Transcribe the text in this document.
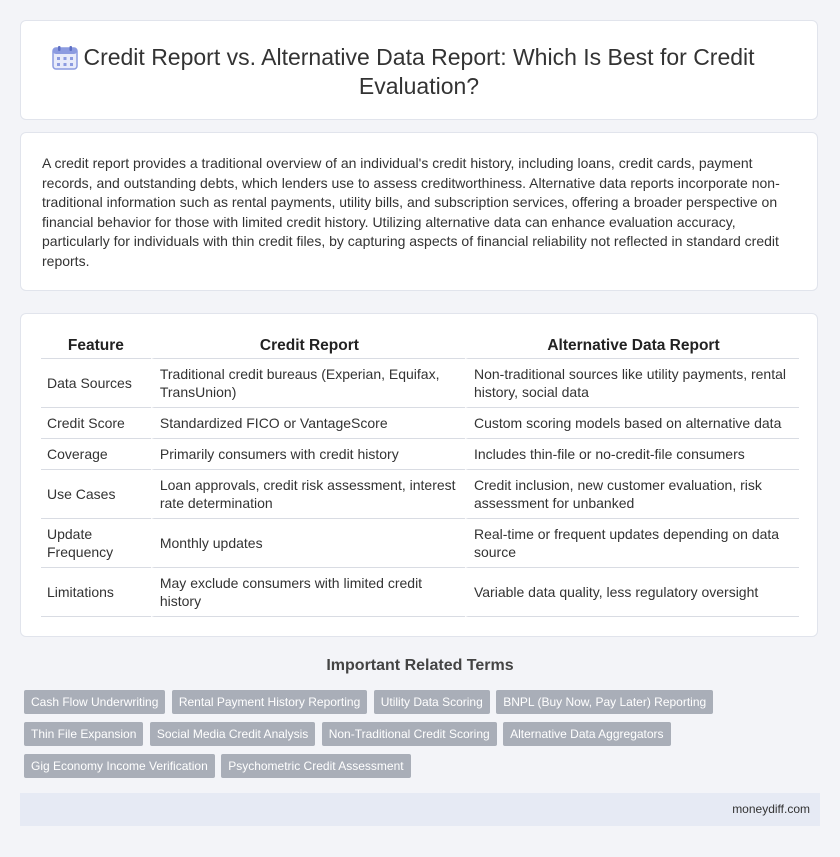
Credit Report vs. Alternative Data Report: Which Is Best for Credit Evaluation?

A credit report provides a traditional overview of an individual's credit history, including loans, credit cards, payment records, and outstanding debts, which lenders use to assess creditworthiness. Alternative data reports incorporate non-traditional information such as rental payments, utility bills, and subscription services, offering a broader perspective on financial behavior for those with limited credit history. Utilizing alternative data can enhance evaluation accuracy, particularly for individuals with thin credit files, by capturing aspects of financial reliability not reflected in standard credit reports.

Feature	Credit Report	Alternative Data Report
Data Sources	Traditional credit bureaus (Experian, Equifax, TransUnion)	Non-traditional sources like utility payments, rental history, social data
Credit Score	Standardized FICO or VantageScore	Custom scoring models based on alternative data
Coverage	Primarily consumers with credit history	Includes thin-file or no-credit-file consumers
Use Cases	Loan approvals, credit risk assessment, interest rate determination	Credit inclusion, new customer evaluation, risk assessment for unbanked
Update Frequency	Monthly updates	Real-time or frequent updates depending on data source
Limitations	May exclude consumers with limited credit history	Variable data quality, less regulatory oversight
Important Related Terms
Cash Flow Underwriting Rental Payment History Reporting Utility Data Scoring BNPL (Buy Now, Pay Later) Reporting Thin File Expansion Social Media Credit Analysis Non-Traditional Credit Scoring Alternative Data Aggregators Gig Economy Income Verification Psychometric Credit Assessment
moneydiff.com
